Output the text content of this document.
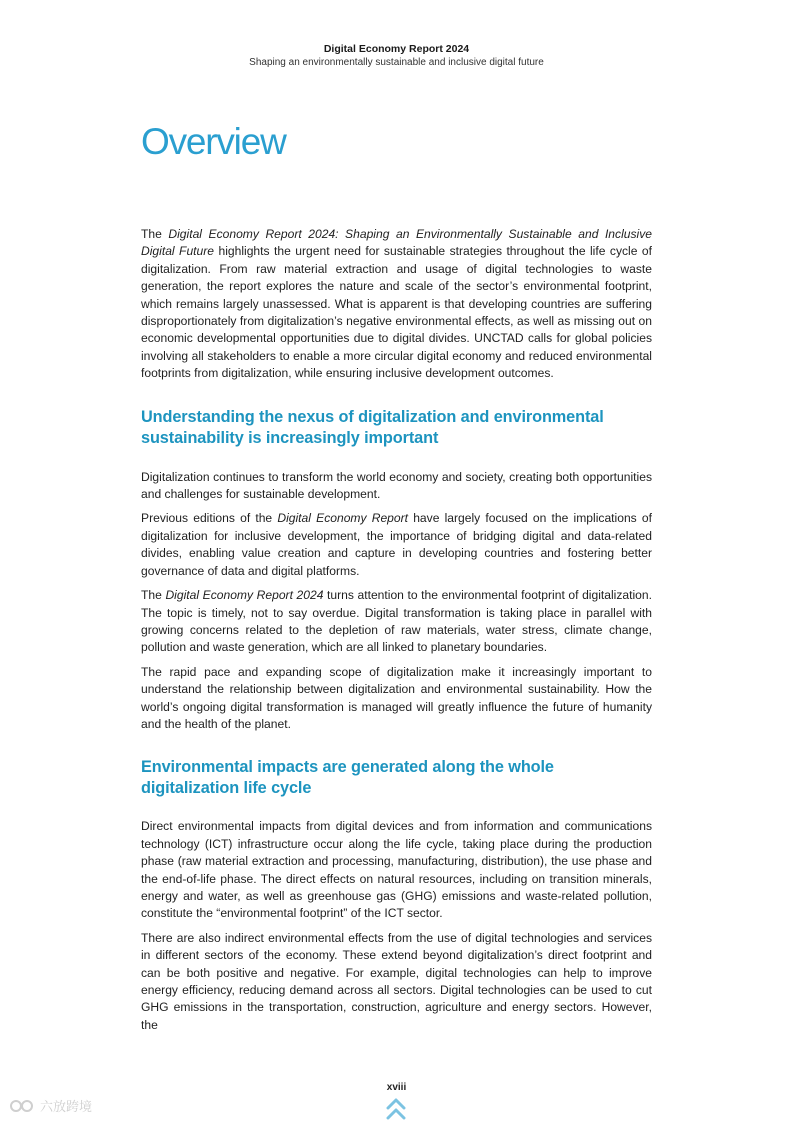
Digital Economy Report 2024
Shaping an environmentally sustainable and inclusive digital future
Overview

The Digital Economy Report 2024: Shaping an Environmentally Sustainable and Inclusive Digital Future highlights the urgent need for sustainable strategies throughout the life cycle of digitalization. From raw material extraction and usage of digital technologies to waste generation, the report explores the nature and scale of the sector’s environmental footprint, which remains largely unassessed. What is apparent is that developing countries are suffering disproportionately from digitalization’s negative environmental effects, as well as missing out on economic developmental opportunities due to digital divides. UNCTAD calls for global policies involving all stakeholders to enable a more circular digital economy and reduced environmental footprints from digitalization, while ensuring inclusive development outcomes.

Understanding the nexus of digitalization and environmental sustainability is increasingly important

Digitalization continues to transform the world economy and society, creating both opportunities and challenges for sustainable development.

Previous editions of the Digital Economy Report have largely focused on the implications of digitalization for inclusive development, the importance of bridging digital and data-related divides, enabling value creation and capture in developing countries and fostering better governance of data and digital platforms.

The Digital Economy Report 2024 turns attention to the environmental footprint of digitalization. The topic is timely, not to say overdue. Digital transformation is taking place in parallel with growing concerns related to the depletion of raw materials, water stress, climate change, pollution and waste generation, which are all linked to planetary boundaries.

The rapid pace and expanding scope of digitalization make it increasingly important to understand the relationship between digitalization and environmental sustainability. How the world’s ongoing digital transformation is managed will greatly influence the future of humanity and the health of the planet.

Environmental impacts are generated along the whole digitalization life cycle

Direct environmental impacts from digital devices and from information and communications technology (ICT) infrastructure occur along the life cycle, taking place during the production phase (raw material extraction and processing, manufacturing, distribution), the use phase and the end-of-life phase. The direct effects on natural resources, including on transition minerals, energy and water, as well as greenhouse gas (GHG) emissions and waste-related pollution, constitute the “environmental footprint” of the ICT sector.

There are also indirect environmental effects from the use of digital technologies and services in different sectors of the economy. These extend beyond digitalization’s direct footprint and can be both positive and negative. For example, digital technologies can help to improve energy efficiency, reducing demand across all sectors. Digital technologies can be used to cut GHG emissions in the transportation, construction, agriculture and energy sectors. However, the

xviii
六放跨境
